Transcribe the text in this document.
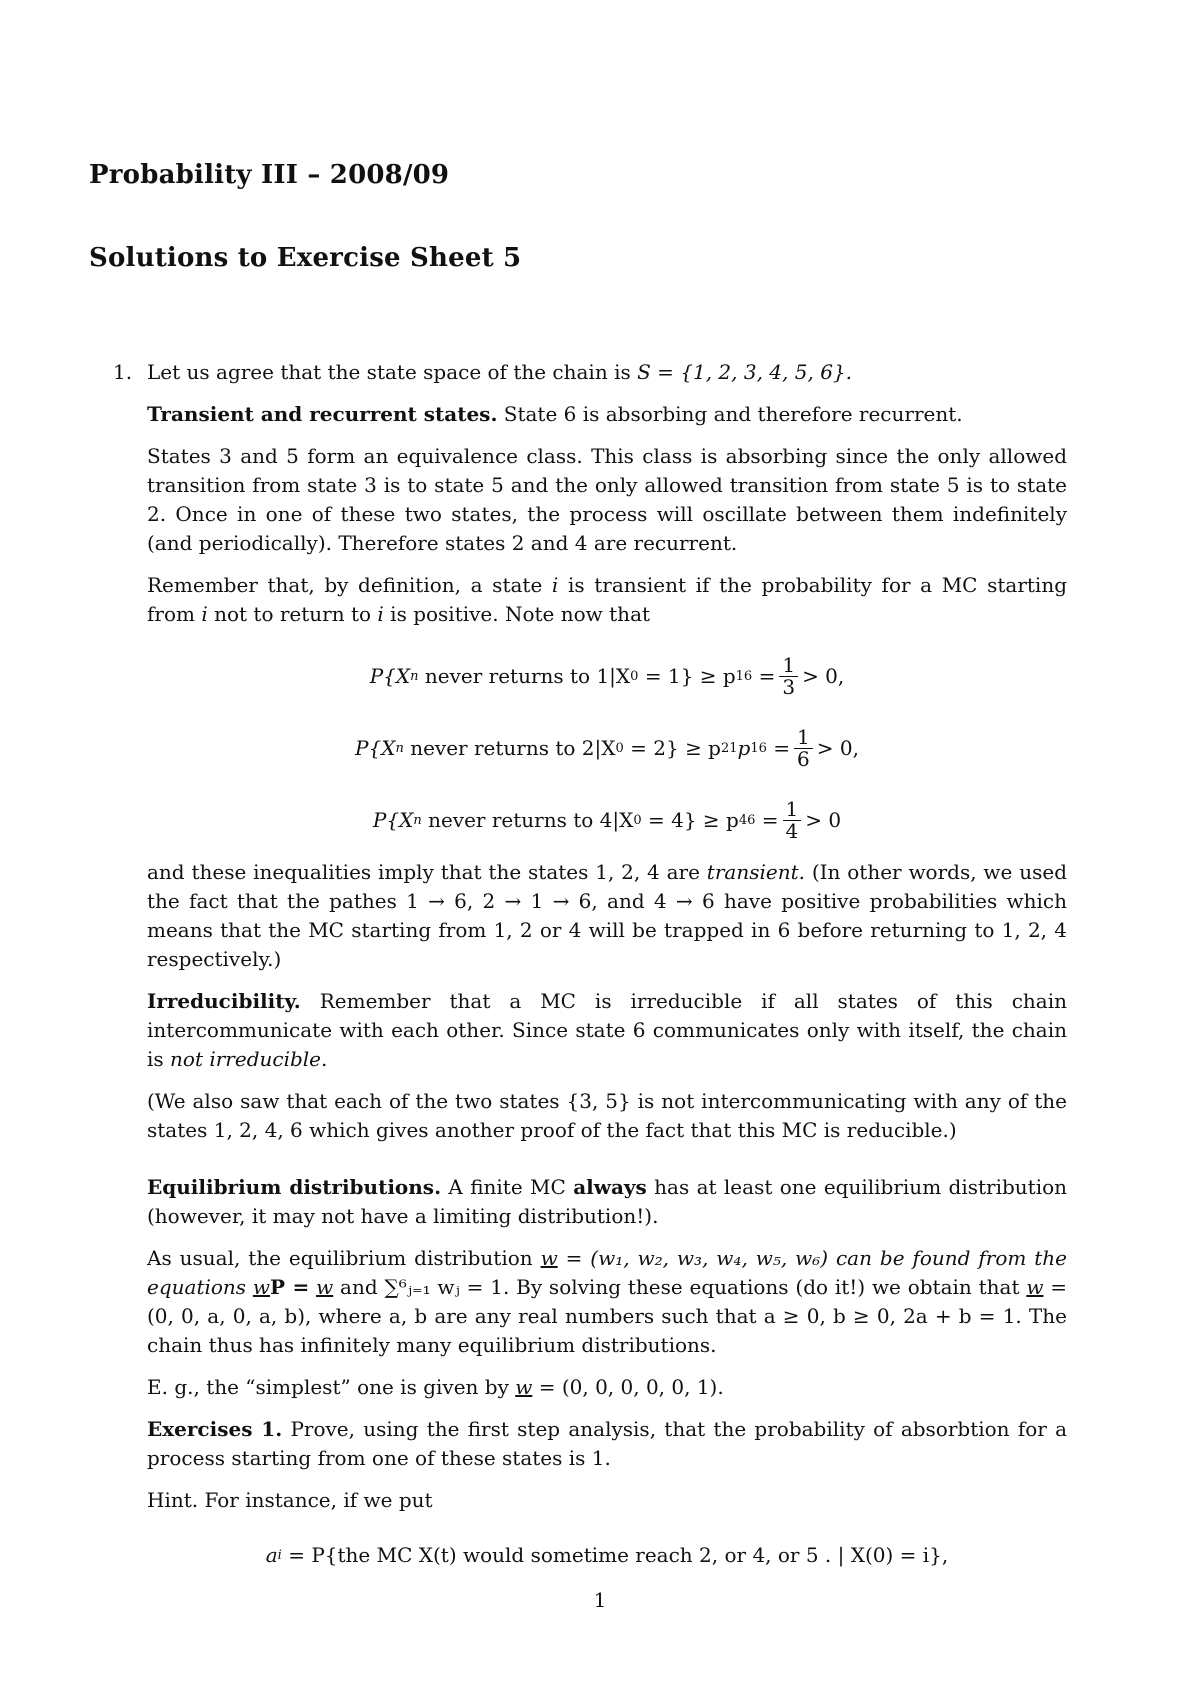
Probability III – 2008/09
Solutions to Exercise Sheet 5

1. Let us agree that the state space of the chain is S = {1, 2, 3, 4, 5, 6}.

Transient and recurrent states. State 6 is absorbing and therefore recurrent.

States 3 and 5 form an equivalence class. This class is absorbing since the only allowed transition from state 3 is to state 5 and the only allowed transition from state 5 is to state 2. Once in one of these two states, the process will oscillate between them indefinitely (and periodically). Therefore states 2 and 4 are recurrent.

Remember that, by definition, a state i is transient if the probability for a MC starting from i not to return to i is positive. Note now that

P{X n
never returns to 1|X 0
= 1} ≥ p 16
= $\frac{1}{3} > 0$,
P{X n
never returns to 2|X 0
= 2} ≥ p 21 p 16
= $\frac{1}{6} > 0$,
P{X n
never returns to 4|X 0
= 4} ≥ p 46
= $\frac{1}{4} > 0$

and these inequalities imply that the states 1, 2, 4 are transient. (In other words, we used the fact that the pathes 1 → 6, 2 → 1 → 6, and 4 → 6 have positive probabilities which means that the MC starting from 1, 2 or 4 will be trapped in 6 before returning to 1, 2, 4 respectively.)

Irreducibility. Remember that a MC is irreducible if all states of this chain intercommunicate with each other. Since state 6 communicates only with itself, the chain is not irreducible.

(We also saw that each of the two states {3, 5} is not intercommunicating with any of the states 1, 2, 4, 6 which gives another proof of the fact that this MC is reducible.)

Equilibrium distributions. A finite MC always has at least one equilibrium distribution (however, it may not have a limiting distribution!).

As usual, the equilibrium distribution w = (w₁, w₂, w₃, w₄, w₅, w₆) can be found from the equations wP = w and ∑⁶ⱼ₌₁ wⱼ = 1. By solving these equations (do it!) we obtain that w = (0, 0, a, 0, a, b), where a, b are any real numbers such that a ≥ 0, b ≥ 0, 2a + b = 1. The chain thus has infinitely many equilibrium distributions.

E. g., the “simplest” one is given by w = (0, 0, 0, 0, 0, 1).

Exercises 1. Prove, using the first step analysis, that the probability of absorbtion for a process starting from one of these states is 1.

Hint. For instance, if we put

a i
= P{the MC X(t) would sometime reach 2, or 4, or 5 . | X(0) = i},
1
